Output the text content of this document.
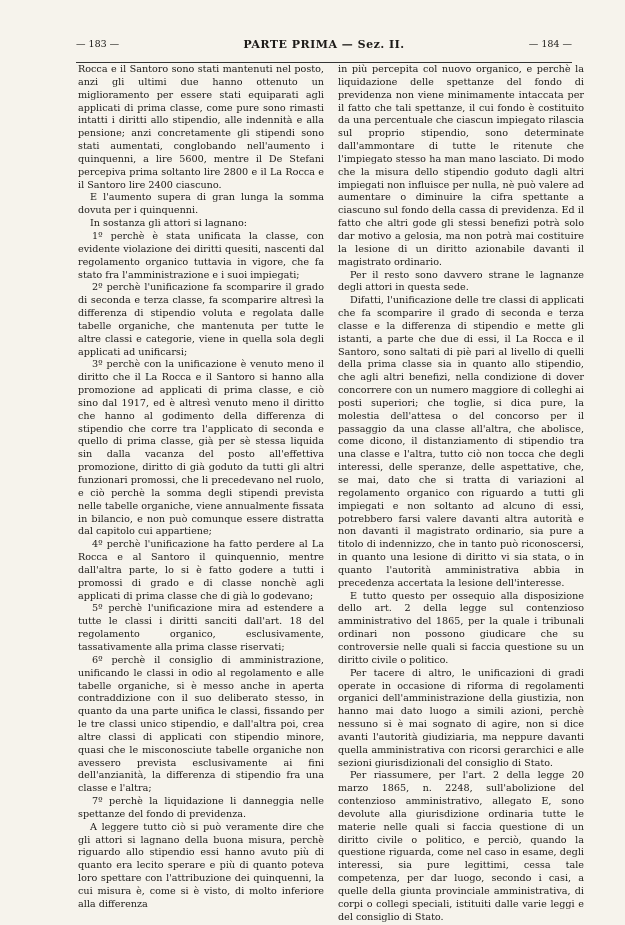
— 183 —	PARTE PRIMA — Sez. II.	— 184 —

Rocca e il Santoro sono stati mantenuti nel posto, anzi gli ultimi due hanno ottenuto un miglioramento per essere stati equiparati agli applicati di prima classe, come pure sono rimasti intatti i diritti allo stipendio, alle indennità e alla pensione; anzi concretamente gli stipendi sono stati aumentati, conglobando nell'aumento i quinquenni, a lire 5600, mentre il De Stefani percepiva prima soltanto lire 2800 e il La Rocca e il Santoro lire 2400 ciascuno.

E l'aumento supera di gran lunga la somma dovuta per i quinquenni.

In sostanza gli attori si lagnano:

1º perchè è stata unificata la classe, con evidente violazione dei diritti quesiti, nascenti dal regolamento organico tuttavia in vigore, che fa stato fra l'amministrazione e i suoi impiegati;

2º perchè l'unificazione fa scomparire il grado di seconda e terza classe, fa scomparire altresì la differenza di stipendio voluta e regolata dalle tabelle organiche, che mantenuta per tutte le altre classi e categorie, viene in quella sola degli applicati ad unificarsi;

3º perchè con la unificazione è venuto meno il diritto che il La Rocca e il Santoro si hanno alla promozione ad applicati di prima classe, e ciò sino dal 1917, ed è altresì venuto meno il diritto che hanno al godimento della differenza di stipendio che corre tra l'applicato di seconda e quello di prima classe, già per sè stessa liquida sin dalla vacanza del posto all'effettiva promozione, diritto di già goduto da tutti gli altri funzionari promossi, che li precedevano nel ruolo, e ciò perchè la somma degli stipendi prevista nelle tabelle organiche, viene annualmente fissata in bilancio, e non può comunque essere distratta dal capitolo cui appartiene;

4º perchè l'unificazione ha fatto perdere al La Rocca e al Santoro il quinquennio, mentre dall'altra parte, lo si è fatto godere a tutti i promossi di grado e di classe nonchè agli applicati di prima classe che di già lo godevano;

5º perchè l'unificazione mira ad estendere a tutte le classi i diritti sanciti dall'art. 18 del regolamento organico, esclusivamente, tassativamente alla prima classe riservati;

6º perchè il consiglio di amministrazione, unificando le classi in odio al regolamento e alle tabelle organiche, si è messo anche in aperta contraddizione con il suo deliberato stesso, in quanto da una parte unifica le classi, fissando per le tre classi unico stipendio, e dall'altra poi, crea altre classi di applicati con stipendio minore, quasi che le misconosciute tabelle organiche non avessero prevista esclusivamente ai fini dell'anzianità, la differenza di stipendio fra una classe e l'altra;

7º perchè la liquidazione li danneggia nelle spettanze del fondo di previdenza.

A leggere tutto ciò si può veramente dire che gli attori si lagnano della buona misura, perchè riguardo allo stipendio essi hanno avuto più di quanto era lecito sperare e più di quanto poteva loro spettare con l'attribuzione dei quinquenni, la cui misura è, come si è visto, di molto inferiore alla differenza

in più percepita col nuovo organico, e perchè la liquidazione delle spettanze del fondo di previdenza non viene minimamente intaccata per il fatto che tali spettanze, il cui fondo è costituito da una percentuale che ciascun impiegato rilascia sul proprio stipendio, sono determinate dall'ammontare di tutte le ritenute che l'impiegato stesso ha man mano lasciato. Di modo che la misura dello stipendio goduto dagli altri impiegati non influisce per nulla, nè può valere ad aumentare o diminuire la cifra spettante a ciascuno sul fondo della cassa di previdenza. Ed il fatto che altri gode gli stessi benefizi potrà solo dar motivo a gelosia, ma non potrà mai costituire la lesione di un diritto azionabile davanti il magistrato ordinario.

Per il resto sono davvero strane le lagnanze degli attori in questa sede.

Difatti, l'unificazione delle tre classi di applicati che fa scomparire il grado di seconda e terza classe e la differenza di stipendio e mette gli istanti, a parte che due di essi, il La Rocca e il Santoro, sono saltati di piè pari al livello di quelli della prima classe sia in quanto allo stipendio, che agli altri benefizi, nella condizione di dover concorrere con un numero maggiore di colleghi ai posti superiori; che toglie, si dica pure, la molestia dell'attesa o del concorso per il passaggio da una classe all'altra, che abolisce, come dicono, il distanziamento di stipendio tra una classe e l'altra, tutto ciò non tocca che degli interessi, delle speranze, delle aspettative, che, se mai, dato che si tratta di variazioni al regolamento organico con riguardo a tutti gli impiegati e non soltanto ad alcuno di essi, potrebbero farsi valere davanti altra autorità e non davanti il magistrato ordinario, sia pure a titolo di indennizzo, che in tanto può riconoscersi, in quanto una lesione di diritto vi sia stata, o in quanto l'autorità amministrativa abbia in precedenza accertata la lesione dell'interesse.

E tutto questo per ossequio alla disposizione dello art. 2 della legge sul contenzioso amministrativo del 1865, per la quale i tribunali ordinari non possono giudicare che su controversie nelle quali si faccia questione su un diritto civile o politico.

Per tacere di altro, le unificazioni di gradi operate in occasione di riforma di regolamenti organici dell'amministrazione della giustizia, non hanno mai dato luogo a simili azioni, perchè nessuno si è mai sognato di agire, non si dice avanti l'autorità giudiziaria, ma neppure davanti quella amministrativa con ricorsi gerarchici e alle sezioni giurisdizionali del consiglio di Stato.

Per riassumere, per l'art. 2 della legge 20 marzo 1865, n. 2248, sull'abolizione del contenzioso amministrativo, allegato E, sono devolute alla giurisdizione ordinaria tutte le materie nelle quali si faccia questione di un diritto civile o politico, e perciò, quando la questione riguarda, come nel caso in esame, degli interessi, sia pure legittimi, cessa tale competenza, per dar luogo, secondo i casi, a quelle della giunta provinciale amministrativa, di corpi o collegi speciali, istituiti dalle varie leggi e del consiglio di Stato.
